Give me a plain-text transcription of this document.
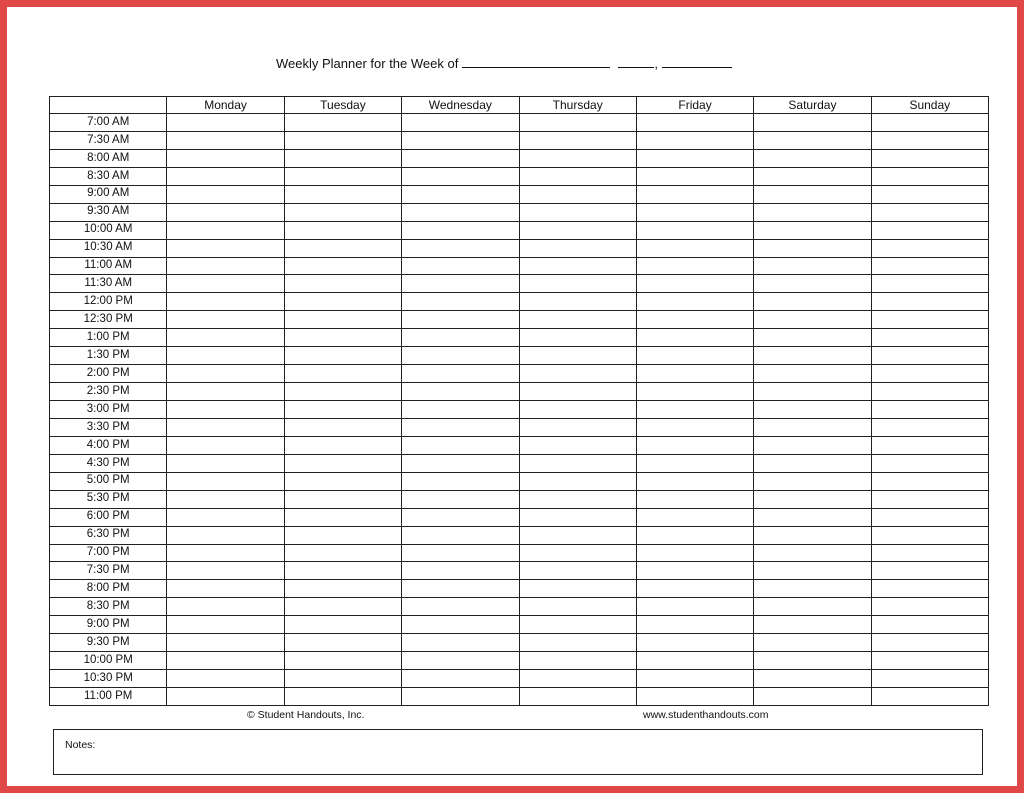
Weekly Planner for the Week of	,
	Monday	Tuesday	Wednesday	Thursday	Friday	Saturday	Sunday
7:00 AM							
7:30 AM							
8:00 AM							
8:30 AM							
9:00 AM							
9:30 AM							
10:00 AM							
10:30 AM							
11:00 AM							
11:30 AM							
12:00 PM							
12:30 PM							
1:00 PM							
1:30 PM							
2:00 PM							
2:30 PM							
3:00 PM							
3:30 PM							
4:00 PM							
4:30 PM							
5:00 PM							
5:30 PM							
6:00 PM							
6:30 PM							
7:00 PM							
7:30 PM							
8:00 PM							
8:30 PM							
9:00 PM							
9:30 PM							
10:00 PM							
10:30 PM							
11:00 PM							
© Student Handouts, Inc.	www.studenthandouts.com
Notes:
